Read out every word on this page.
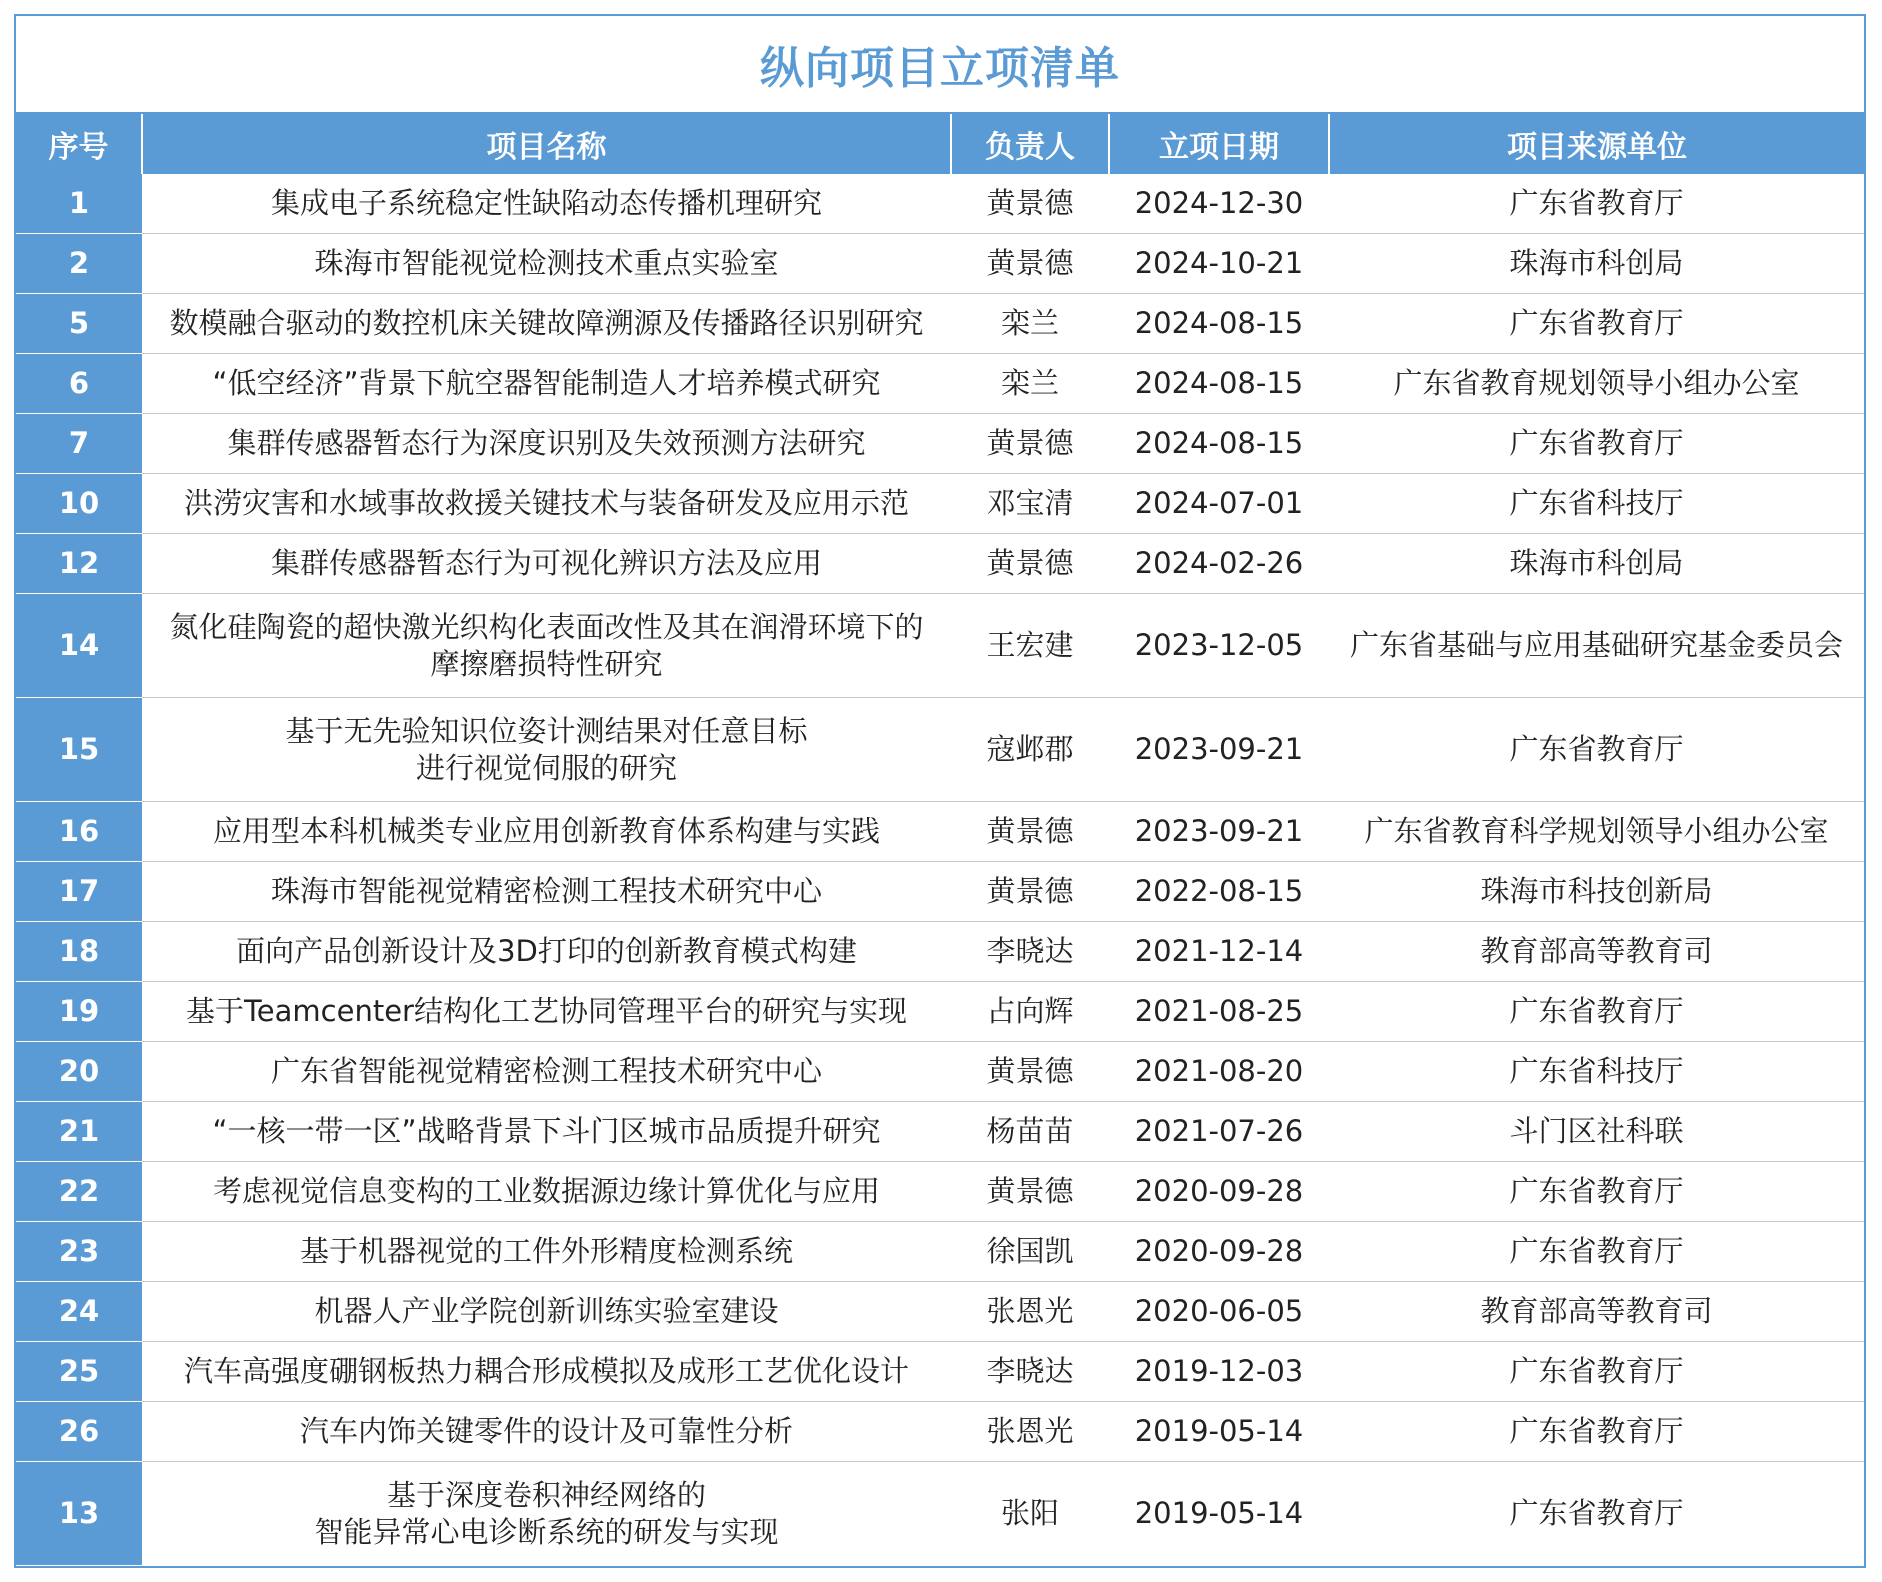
纵向项目立项清单
序号	项目名称	负责人	立项日期	项目来源单位
1	集成电子系统稳定性缺陷动态传播机理研究	黄景德	2024-12-30	广东省教育厅
2	珠海市智能视觉检测技术重点实验室	黄景德	2024-10-21	珠海市科创局
5	数模融合驱动的数控机床关键故障溯源及传播路径识别研究	栾兰	2024-08-15	广东省教育厅
6	“低空经济”背景下航空器智能制造人才培养模式研究	栾兰	2024-08-15	广东省教育规划领导小组办公室
7	集群传感器暂态行为深度识别及失效预测方法研究	黄景德	2024-08-15	广东省教育厅
10	洪涝灾害和水域事故救援关键技术与装备研发及应用示范	邓宝清	2024-07-01	广东省科技厅
12	集群传感器暂态行为可视化辨识方法及应用	黄景德	2024-02-26	珠海市科创局
14	氮化硅陶瓷的超快激光织构化表面改性及其在润滑环境下的
摩擦磨损特性研究	王宏建	2023-12-05	广东省基础与应用基础研究基金委员会
15	基于无先验知识位姿计测结果对任意目标
进行视觉伺服的研究	寇邺郡	2023-09-21	广东省教育厅
16	应用型本科机械类专业应用创新教育体系构建与实践	黄景德	2023-09-21	广东省教育科学规划领导小组办公室
17	珠海市智能视觉精密检测工程技术研究中心	黄景德	2022-08-15	珠海市科技创新局
18	面向产品创新设计及3D打印的创新教育模式构建	李晓达	2021-12-14	教育部高等教育司
19	基于Teamcenter结构化工艺协同管理平台的研究与实现	占向辉	2021-08-25	广东省教育厅
20	广东省智能视觉精密检测工程技术研究中心	黄景德	2021-08-20	广东省科技厅
21	“一核一带一区”战略背景下斗门区城市品质提升研究	杨苗苗	2021-07-26	斗门区社科联
22	考虑视觉信息变构的工业数据源边缘计算优化与应用	黄景德	2020-09-28	广东省教育厅
23	基于机器视觉的工件外形精度检测系统	徐国凯	2020-09-28	广东省教育厅
24	机器人产业学院创新训练实验室建设	张恩光	2020-06-05	教育部高等教育司
25	汽车高强度硼钢板热力耦合形成模拟及成形工艺优化设计	李晓达	2019-12-03	广东省教育厅
26	汽车内饰关键零件的设计及可靠性分析	张恩光	2019-05-14	广东省教育厅
13	基于深度卷积神经网络的
智能异常心电诊断系统的研发与实现	张阳	2019-05-14	广东省教育厅
